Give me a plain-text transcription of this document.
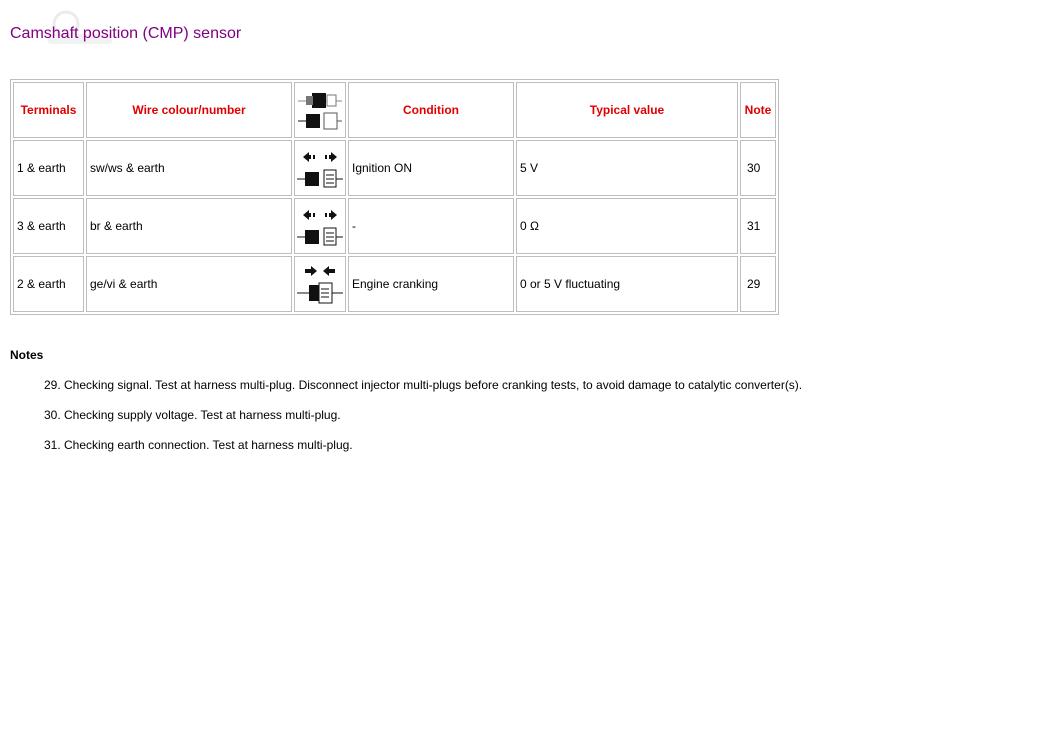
Camshaft position (CMP) sensor
Terminals	Wire colour/number		Condition	Typical value	Note
1 & earth	sw/ws & earth		Ignition ON	5 V	30
3 & earth	br & earth		-	0 Ω	31
2 & earth	ge/vi & earth		Engine cranking	0 or 5 V fluctuating	29
Notes
29. Checking signal. Test at harness multi-plug. Disconnect injector multi-plugs before cranking tests, to avoid damage to catalytic converter(s).
30. Checking supply voltage. Test at harness multi-plug.
31. Checking earth connection. Test at harness multi-plug.
